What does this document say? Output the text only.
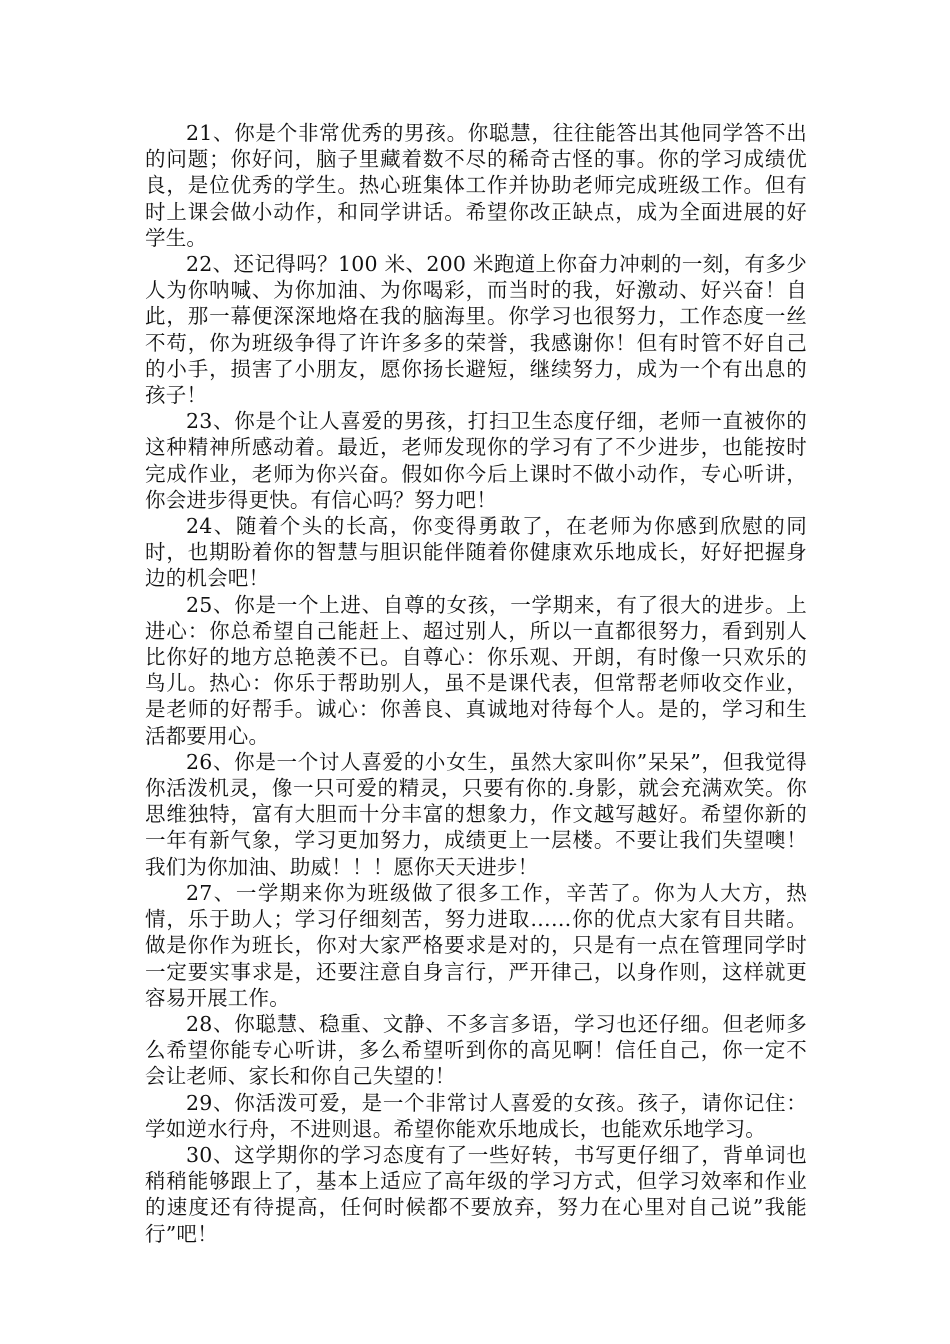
21、你是个非常优秀的男孩。你聪慧，往往能答出其他同学答不出的问题；你好问，脑子里藏着数不尽的稀奇古怪的事。你的学习成绩优良，是位优秀的学生。热心班集体工作并协助老师完成班级工作。但有时上课会做小动作，和同学讲话。希望你改正缺点，成为全面进展的好学生。

22、还记得吗？100 米、200 米跑道上你奋力冲刺的一刻，有多少人为你呐喊、为你加油、为你喝彩，而当时的我，好激动、好兴奋！自此，那一幕便深深地烙在我的脑海里。你学习也很努力，工作态度一丝不苟，你为班级争得了许许多多的荣誉，我感谢你！但有时管不好自己的小手，损害了小朋友，愿你扬长避短，继续努力，成为一个有出息的孩子！

23、你是个让人喜爱的男孩，打扫卫生态度仔细，老师一直被你的这种精神所感动着。最近，老师发现你的学习有了不少进步，也能按时完成作业，老师为你兴奋。假如你今后上课时不做小动作，专心听讲，你会进步得更快。有信心吗？努力吧！

24、随着个头的长高，你变得勇敢了，在老师为你感到欣慰的同时，也期盼着你的智慧与胆识能伴随着你健康欢乐地成长，好好把握身边的机会吧！

25、你是一个上进、自尊的女孩，一学期来，有了很大的进步。上进心：你总希望自己能赶上、超过别人，所以一直都很努力，看到别人比你好的地方总艳羡不已。自尊心：你乐观、开朗，有时像一只欢乐的鸟儿。热心：你乐于帮助别人，虽不是课代表，但常帮老师收交作业，是老师的好帮手。诚心：你善良、真诚地对待每个人。是的，学习和生活都要用心。

26、你是一个讨人喜爱的小女生，虽然大家叫你”呆呆”，但我觉得你活泼机灵，像一只可爱的精灵，只要有你的.身影，就会充满欢笑。你思维独特，富有大胆而十分丰富的想象力，作文越写越好。希望你新的一年有新气象，学习更加努力，成绩更上一层楼。不要让我们失望噢！我们为你加油、助威！！！愿你天天进步！

27、一学期来你为班级做了很多工作，辛苦了。你为人大方，热情，乐于助人；学习仔细刻苦，努力进取……你的优点大家有目共睹。做是你作为班长，你对大家严格要求是对的，只是有一点在管理同学时一定要实事求是，还要注意自身言行，严开律己，以身作则，这样就更容易开展工作。

28、你聪慧、稳重、文静、不多言多语，学习也还仔细。但老师多么希望你能专心听讲，多么希望听到你的高见啊！信任自己，你一定不会让老师、家长和你自己失望的！

29、你活泼可爱，是一个非常讨人喜爱的女孩。孩子，请你记住：学如逆水行舟，不进则退。希望你能欢乐地成长，也能欢乐地学习。

30、这学期你的学习态度有了一些好转，书写更仔细了，背单词也稍稍能够跟上了，基本上适应了高年级的学习方式，但学习效率和作业的速度还有待提高，任何时候都不要放弃，努力在心里对自己说”我能行”吧！
